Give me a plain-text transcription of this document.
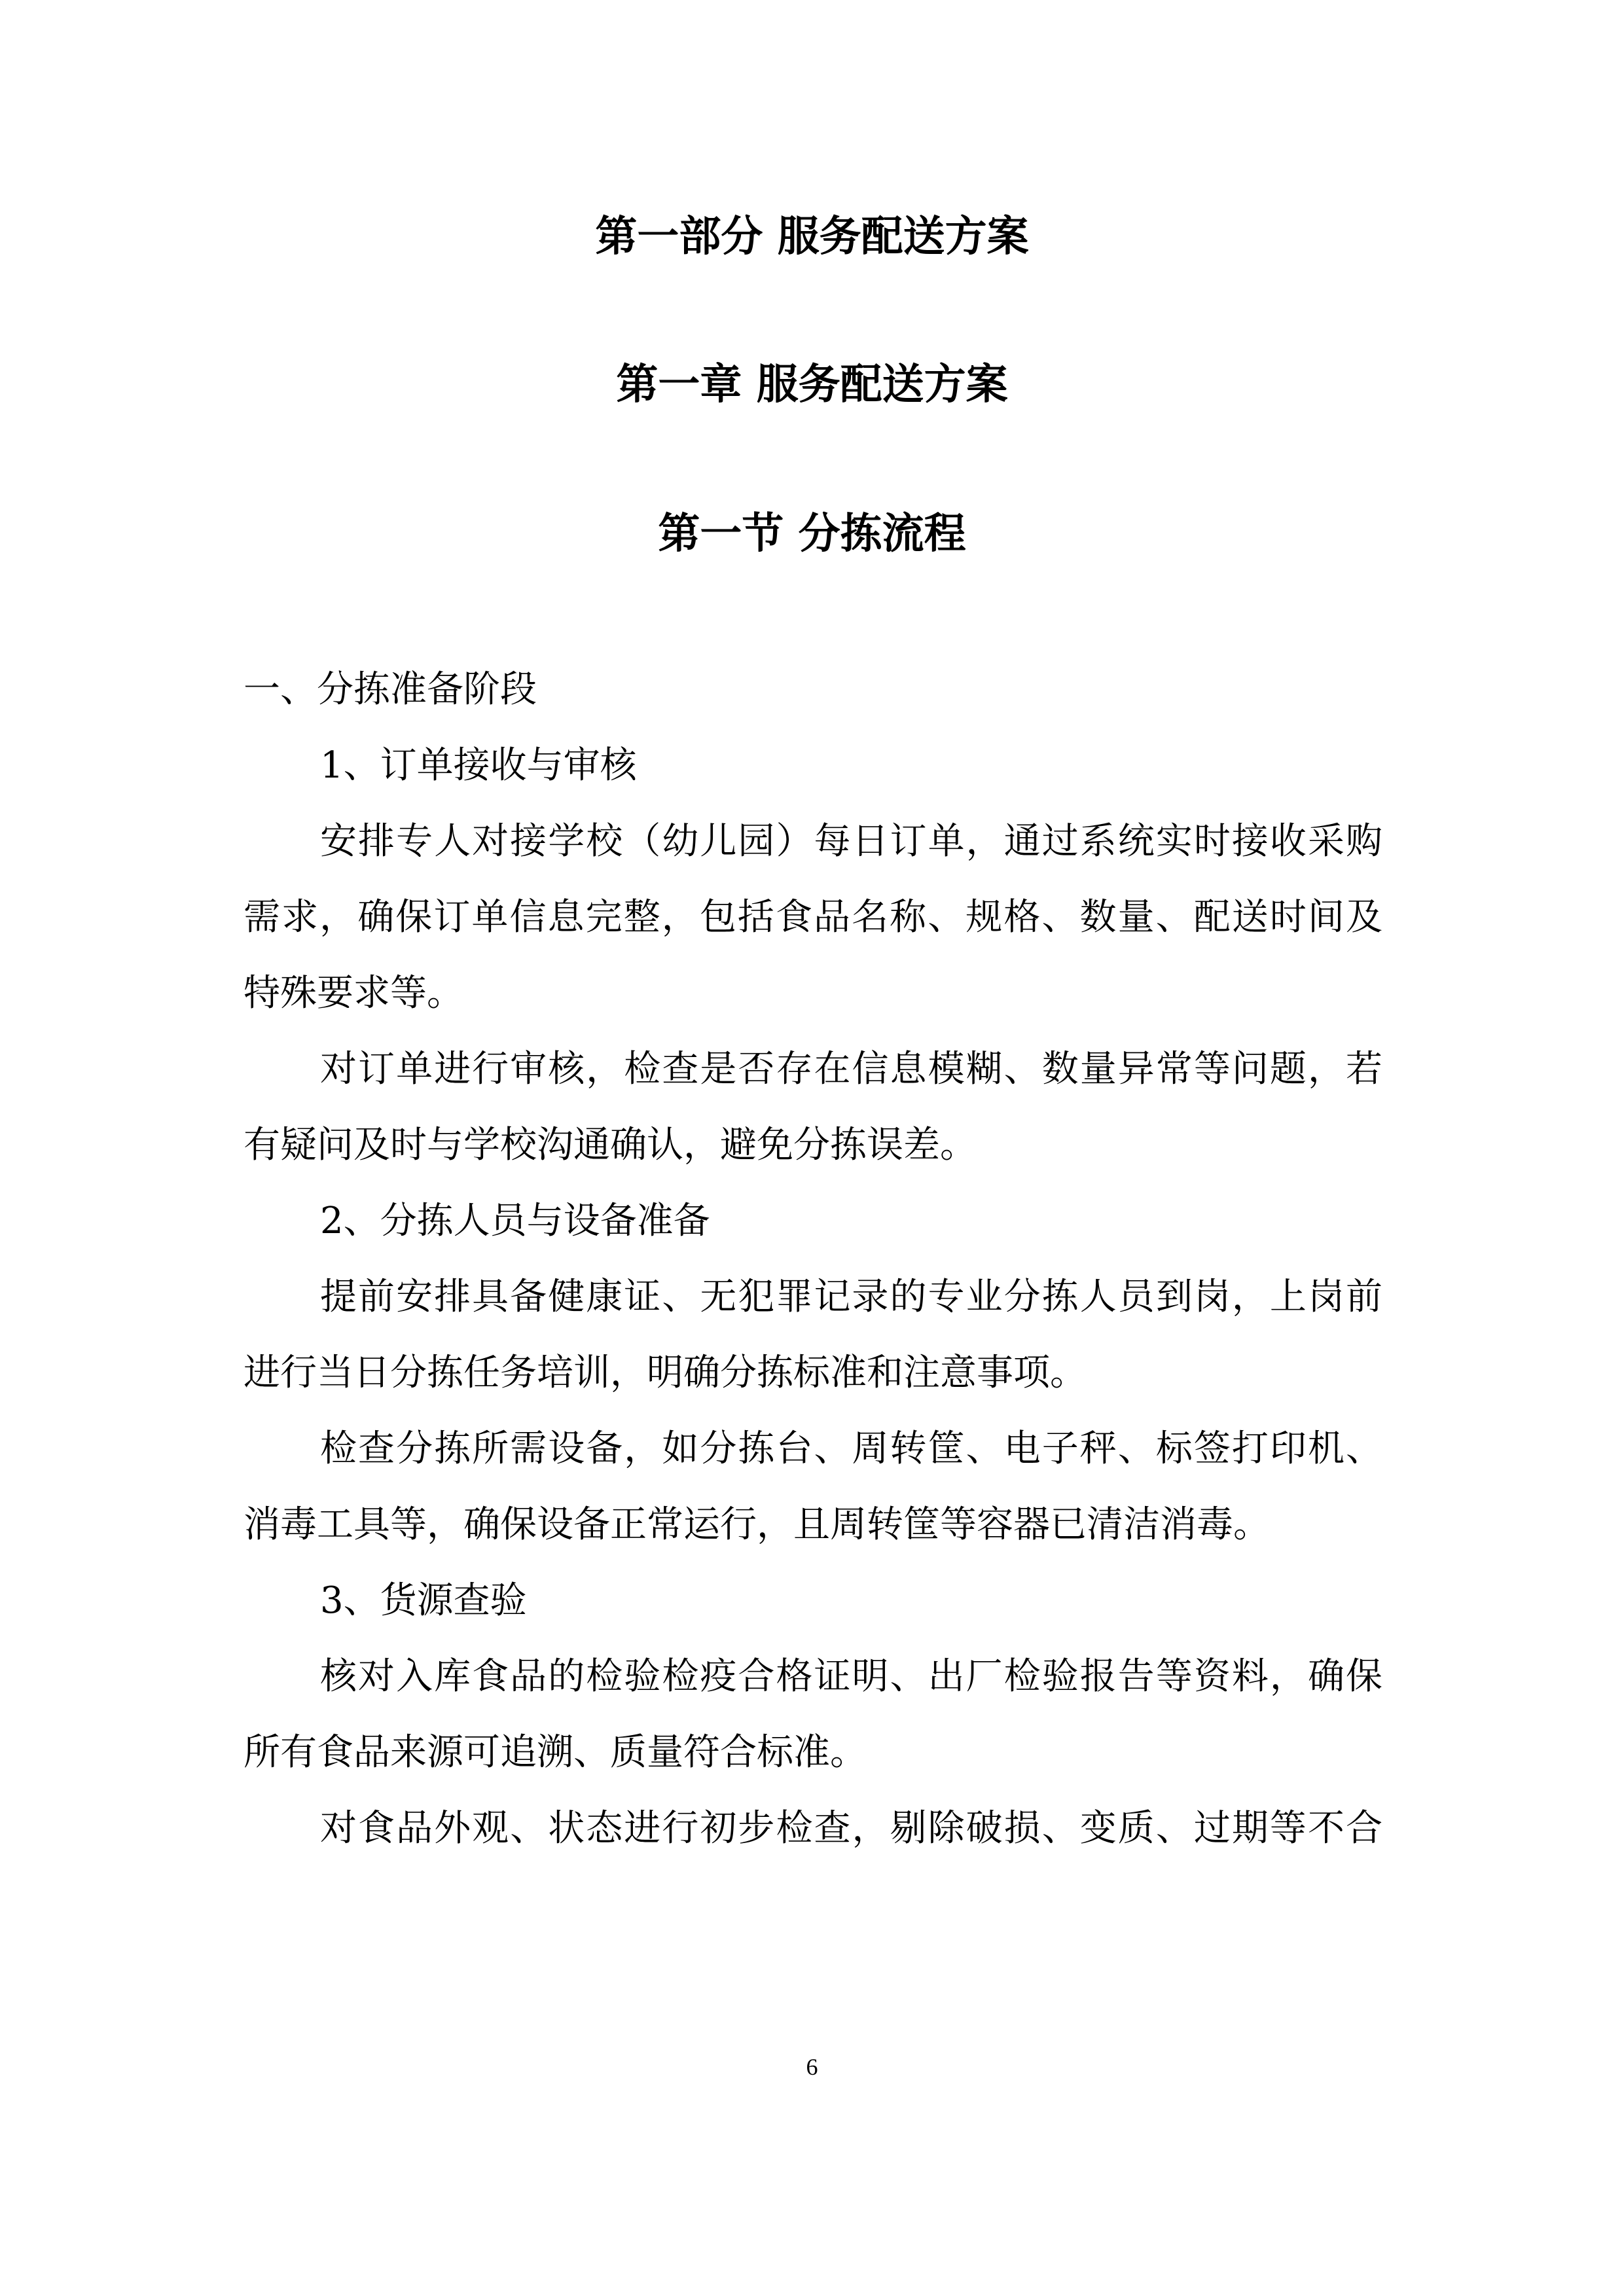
第一部分 服务配送方案
第一章 服务配送方案
第一节 分拣流程
一、分拣准备阶段
1、订单接收与审核
安排专人对接学校（幼儿园）每日订单，通过系统实时接收采购
需求，确保订单信息完整，包括食品名称、规格、数量、配送时间及
特殊要求等。
对订单进行审核，检查是否存在信息模糊、数量异常等问题，若
有疑问及时与学校沟通确认，避免分拣误差。
2、分拣人员与设备准备
提前安排具备健康证、无犯罪记录的专业分拣人员到岗，上岗前
进行当日分拣任务培训，明确分拣标准和注意事项。
检查分拣所需设备，如分拣台、周转筐、电子秤、标签打印机、
消毒工具等，确保设备正常运行，且周转筐等容器已清洁消毒。
3、货源查验
核对入库食品的检验检疫合格证明、出厂检验报告等资料，确保
所有食品来源可追溯、质量符合标准。
对食品外观、状态进行初步检查，剔除破损、变质、过期等不合
6
